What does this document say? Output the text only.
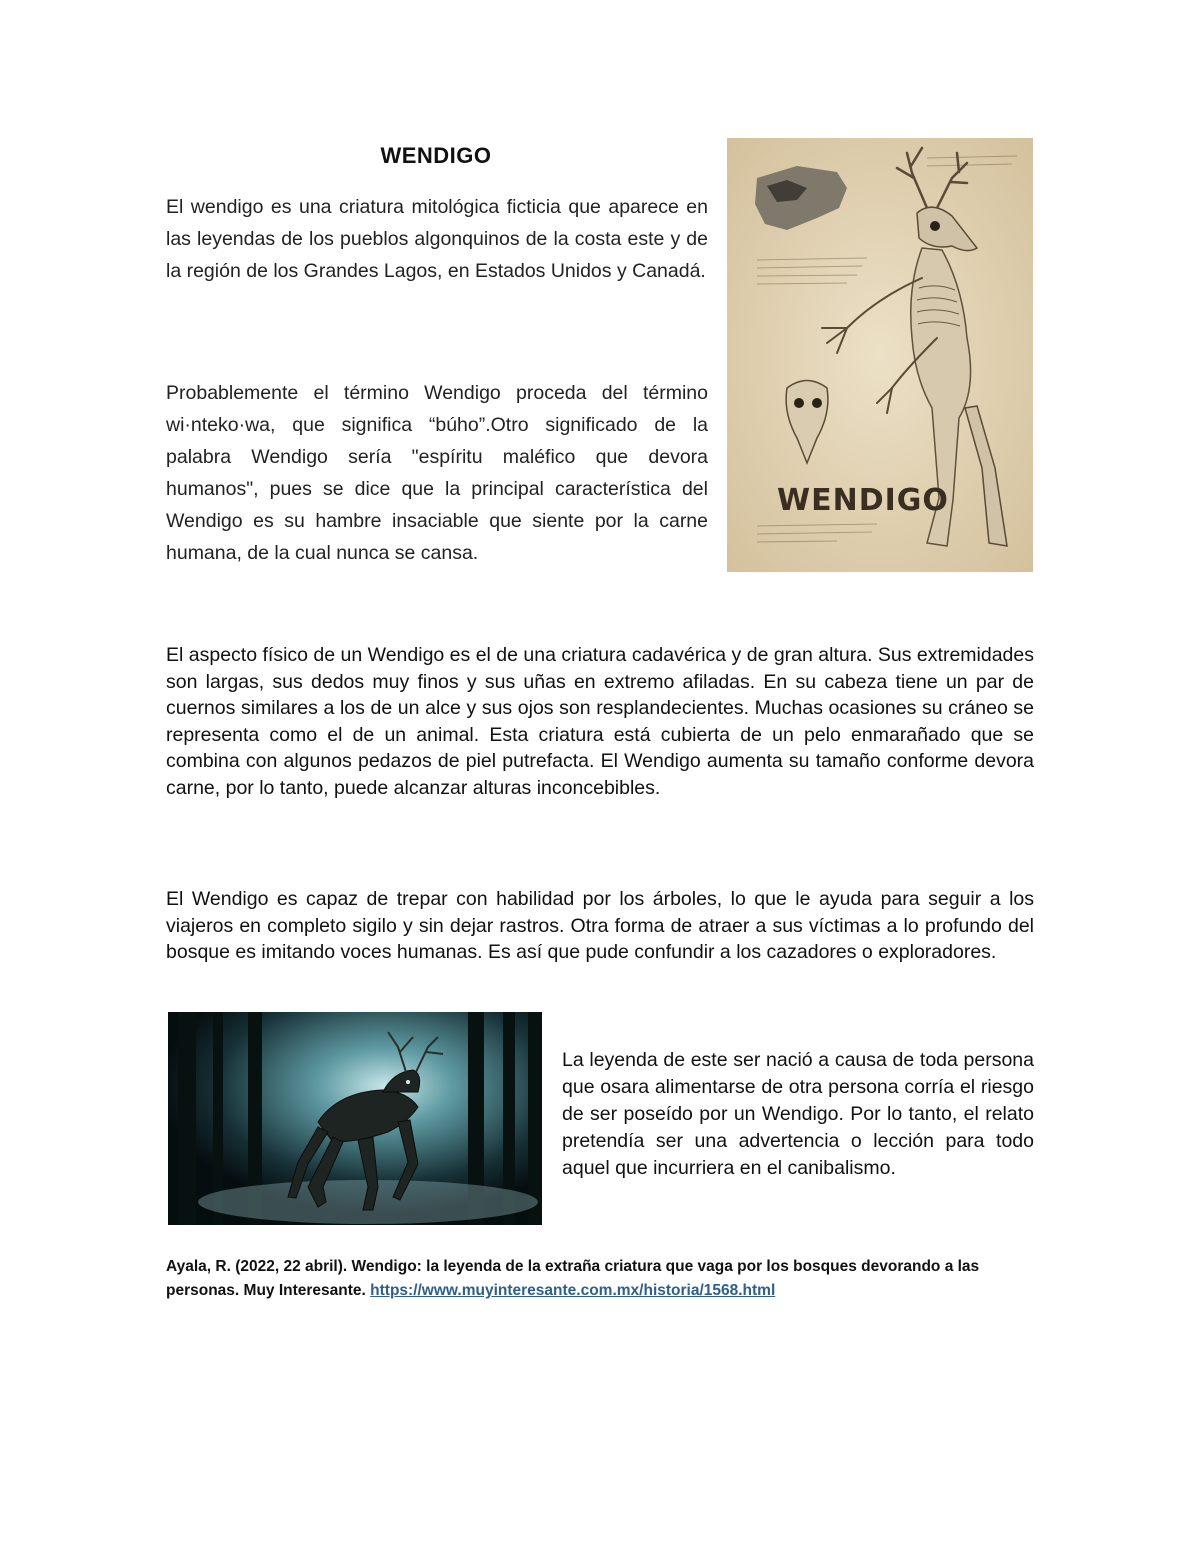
WENDIGO
El wendigo es una criatura mitológica ficticia que aparece en las leyendas de los pueblos algonquinos de la costa este y de la región de los Grandes Lagos, en Estados Unidos y Canadá.
Probablemente el término Wendigo proceda del término wi·nteko·wa, que significa “búho”.Otro significado de la palabra Wendigo sería "espíritu maléfico que devora humanos", pues se dice que la principal característica del Wendigo es su hambre insaciable que siente por la carne humana, de la cual nunca se cansa.
WENDIGO
El aspecto físico de un Wendigo es el de una criatura cadavérica y de gran altura. Sus extremidades son largas, sus dedos muy finos y sus uñas en extremo afiladas. En su cabeza tiene un par de cuernos similares a los de un alce y sus ojos son resplandecientes. Muchas ocasiones su cráneo se representa como el de un animal. Esta criatura está cubierta de un pelo enmarañado que se combina con algunos pedazos de piel putrefacta. El Wendigo aumenta su tamaño conforme devora carne, por lo tanto, puede alcanzar alturas inconcebibles.
El Wendigo es capaz de trepar con habilidad por los árboles, lo que le ayuda para seguir a los viajeros en completo sigilo y sin dejar rastros. Otra forma de atraer a sus víctimas a lo profundo del bosque es imitando voces humanas. Es así que pude confundir a los cazadores o exploradores.
La leyenda de este ser nació a causa de toda persona que osara alimentarse de otra persona corría el riesgo de ser poseído por un Wendigo. Por lo tanto, el relato pretendía ser una advertencia o lección para todo aquel que incurriera en el canibalismo.
Ayala, R. (2022, 22 abril). Wendigo: la leyenda de la extraña criatura que vaga por los bosques devorando a las personas. Muy Interesante. https://www.muyinteresante.com.mx/historia/1568.html
